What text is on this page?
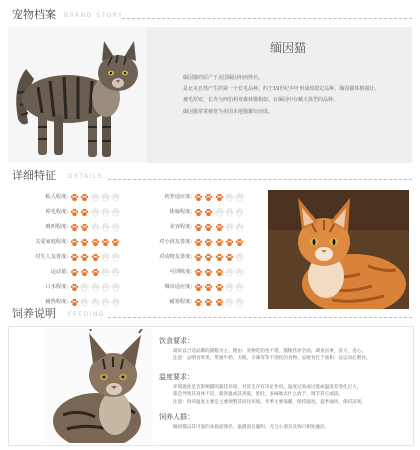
宠物档案 BRAND STORY
缅因猫

缅因猫的原产于美国缅因州而得名。

是北美自然产生的第一个长毛品种，约于19世纪中叶形成较稳定品种。缅因猫体格强壮，

被毛厚密，长寿与西伯利亚森林猫相似。在缅因中存藏大体型的品种。

缅因猫常常被誉为美国本地猫繁衍而成。

详细特征 DETAILS
粘人程度:
掉毛程度:
吸叫程度:
关爱家庭程度:
对生人友善度:
运动量:
口水程度:
耐热程度:
初养适应度:
体味程度:
美容程度:
对小孩友善度:
对动物友善度:
可训练度:
城市适应度:
耐寒程度:
饲养说明 FEEDING
饮食要求：

最好以合适品牌的猫粮为主。理由：宠物吃的也不错，猫粮营养全面，调查省事，省力，省心。

注意：忌喂食骨类，带通牛奶，犬粮，辛辣等等不消化的食物；忌喂食过于油和；忌运动后喂食。

温度要求：

环境温度是会影响猫的最佳环境，对其生存有决定作用。温度过高或过低或温度差变化过大，

都会导致其身体不适。最喜温或其喜爱，肚肚，多味地去什么放于，调节其它或较。

注意：饲养温度主要是主要调整其居住环境，冬季主要保暖，保持温度。夏季通风，保持凉爽。

饲养人群：

缅因猫以其可爱的本质而闻名，温驯而且聪明，尤与小朋友及狗只相处融洽。
